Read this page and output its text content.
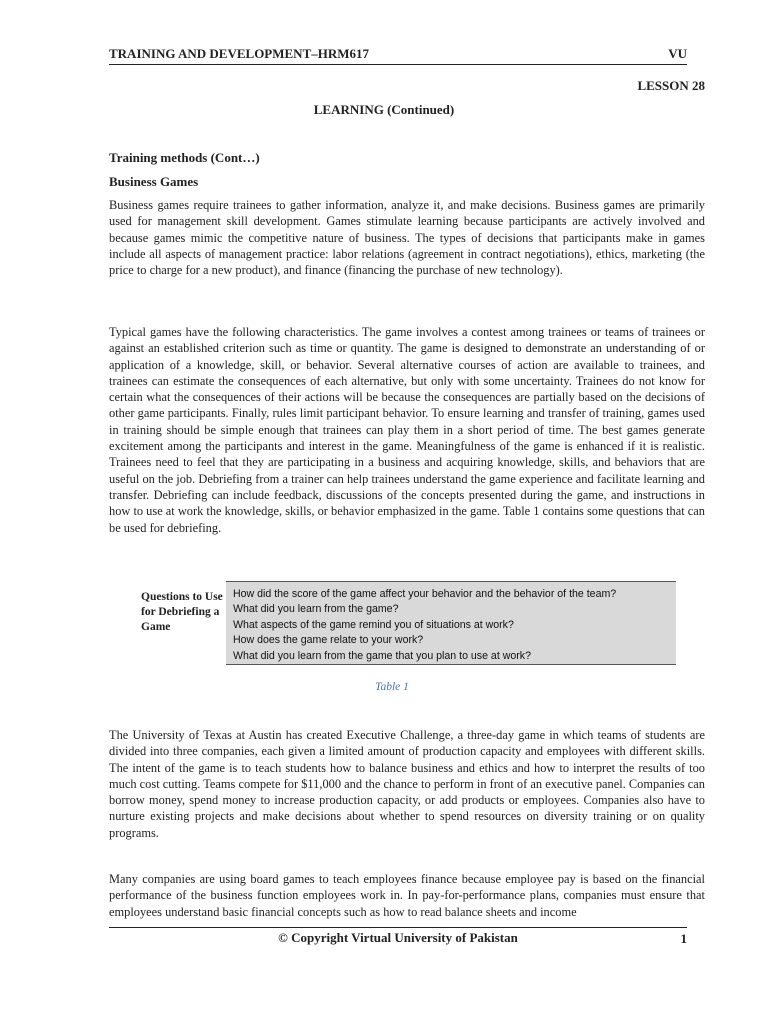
TRAINING AND DEVELOPMENT–HRM617	VU
LESSON 28
LEARNING (Continued)
Training methods (Cont…)
Business Games

Business games require trainees to gather information, analyze it, and make decisions. Business games are primarily used for management skill development. Games stimulate learning because participants are actively involved and because games mimic the competitive nature of business. The types of decisions that participants make in games include all aspects of management practice: labor relations (agreement in contract negotiations), ethics, marketing (the price to charge for a new product), and finance (financing the purchase of new technology).

Typical games have the following characteristics. The game involves a contest among trainees or teams of trainees or against an established criterion such as time or quantity. The game is designed to demonstrate an understanding of or application of a knowledge, skill, or behavior. Several alternative courses of action are available to trainees, and trainees can estimate the consequences of each alternative, but only with some uncertainty. Trainees do not know for certain what the consequences of their actions will be because the consequences are partially based on the decisions of other game participants. Finally, rules limit participant behavior. To ensure learning and transfer of training, games used in training should be simple enough that trainees can play them in a short period of time. The best games generate excitement among the participants and interest in the game. Meaningfulness of the game is enhanced if it is realistic. Trainees need to feel that they are participating in a business and acquiring knowledge, skills, and behaviors that are useful on the job. Debriefing from a trainer can help trainees understand the game experience and facilitate learning and transfer. Debriefing can include feedback, discussions of the concepts presented during the game, and instructions in how to use at work the knowledge, skills, or behavior emphasized in the game. Table 1 contains some questions that can be used for debriefing.

Questions to Use for Debriefing a Game
How did the score of the game affect your behavior and the behavior of the team?
What did you learn from the game?
What aspects of the game remind you of situations at work?
How does the game relate to your work?
What did you learn from the game that you plan to use at work?
Table 1

The University of Texas at Austin has created Executive Challenge, a three-day game in which teams of students are divided into three companies, each given a limited amount of production capacity and employees with different skills. The intent of the game is to teach students how to balance business and ethics and how to interpret the results of too much cost cutting. Teams compete for $11,000 and the chance to perform in front of an executive panel. Companies can borrow money, spend money to increase production capacity, or add products or employees. Companies also have to nurture existing projects and make decisions about whether to spend resources on diversity training or on quality programs.

Many companies are using board games to teach employees finance because employee pay is based on the financial performance of the business function employees work in. In pay-for-performance plans, companies must ensure that employees understand basic financial concepts such as how to read balance sheets and income

© Copyright Virtual University of Pakistan	1
